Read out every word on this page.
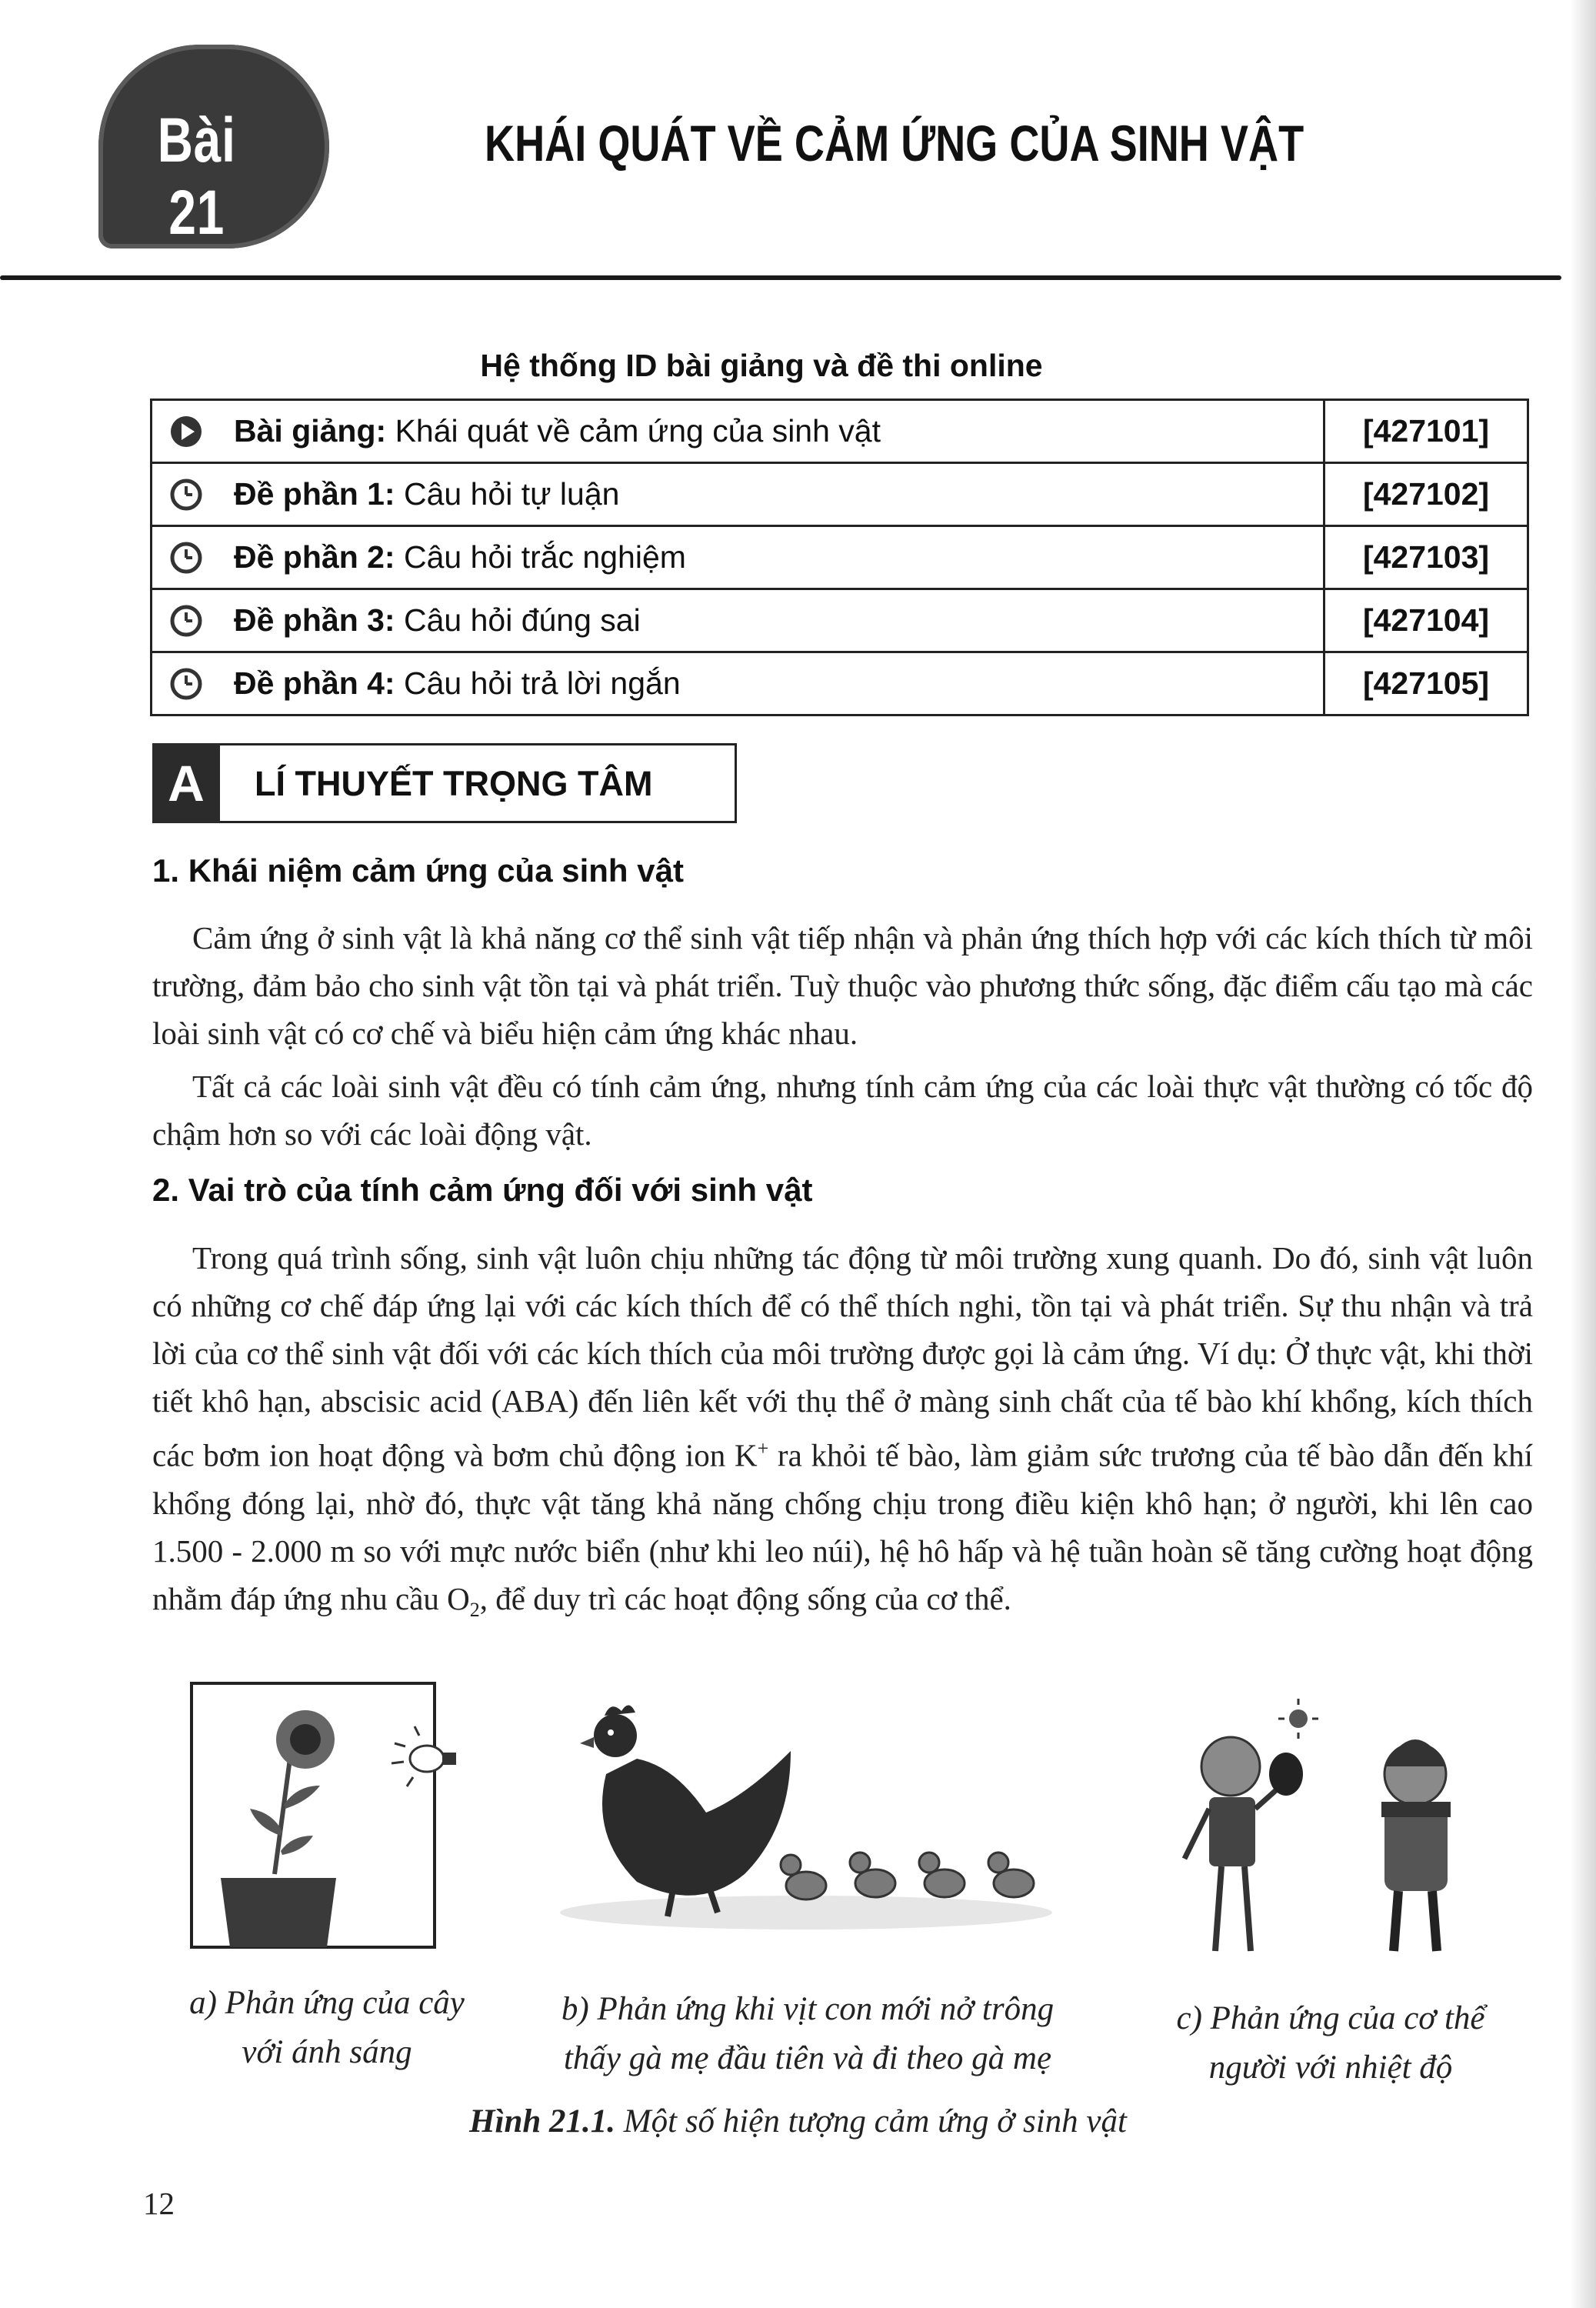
Bài 21
KHÁI QUÁT VỀ CẢM ỨNG CỦA SINH VẬT
Hệ thống ID bài giảng và đề thi online
Bài giảng: Khái quát về cảm ứng của sinh vật	[427101]
Đề phần 1: Câu hỏi tự luận	[427102]
Đề phần 2: Câu hỏi trắc nghiệm	[427103]
Đề phần 3: Câu hỏi đúng sai	[427104]
Đề phần 4: Câu hỏi trả lời ngắn	[427105]
A	LÍ THUYẾT TRỌNG TÂM
1. Khái niệm cảm ứng của sinh vật
Cảm ứng ở sinh vật là khả năng cơ thể sinh vật tiếp nhận và phản ứng thích hợp với các kích thích từ môi trường, đảm bảo cho sinh vật tồn tại và phát triển. Tuỳ thuộc vào phương thức sống, đặc điểm cấu tạo mà các loài sinh vật có cơ chế và biểu hiện cảm ứng khác nhau.
Tất cả các loài sinh vật đều có tính cảm ứng, nhưng tính cảm ứng của các loài thực vật thường có tốc độ chậm hơn so với các loài động vật.
2. Vai trò của tính cảm ứng đối với sinh vật
Trong quá trình sống, sinh vật luôn chịu những tác động từ môi trường xung quanh. Do đó, sinh vật luôn có những cơ chế đáp ứng lại với các kích thích để có thể thích nghi, tồn tại và phát triển. Sự thu nhận và trả lời của cơ thể sinh vật đối với các kích thích của môi trường được gọi là cảm ứng. Ví dụ: Ở thực vật, khi thời tiết khô hạn, abscisic acid (ABA) đến liên kết với thụ thể ở màng sinh chất của tế bào khí khổng, kích thích các bơm ion hoạt động và bơm chủ động ion K+ ra khỏi tế bào, làm giảm sức trương của tế bào dẫn đến khí khổng đóng lại, nhờ đó, thực vật tăng khả năng chống chịu trong điều kiện khô hạn; ở người, khi lên cao 1.500 - 2.000 m so với mực nước biển (như khi leo núi), hệ hô hấp và hệ tuần hoàn sẽ tăng cường hoạt động nhằm đáp ứng nhu cầu $O_2$, để duy trì các hoạt động sống của cơ thể.
a) Phản ứng của cây
với ánh sáng
b) Phản ứng khi vịt con mới nở trông
thấy gà mẹ đầu tiên và đi theo gà mẹ
c) Phản ứng của cơ thể
người với nhiệt độ
Hình 21.1. Một số hiện tượng cảm ứng ở sinh vật
12
